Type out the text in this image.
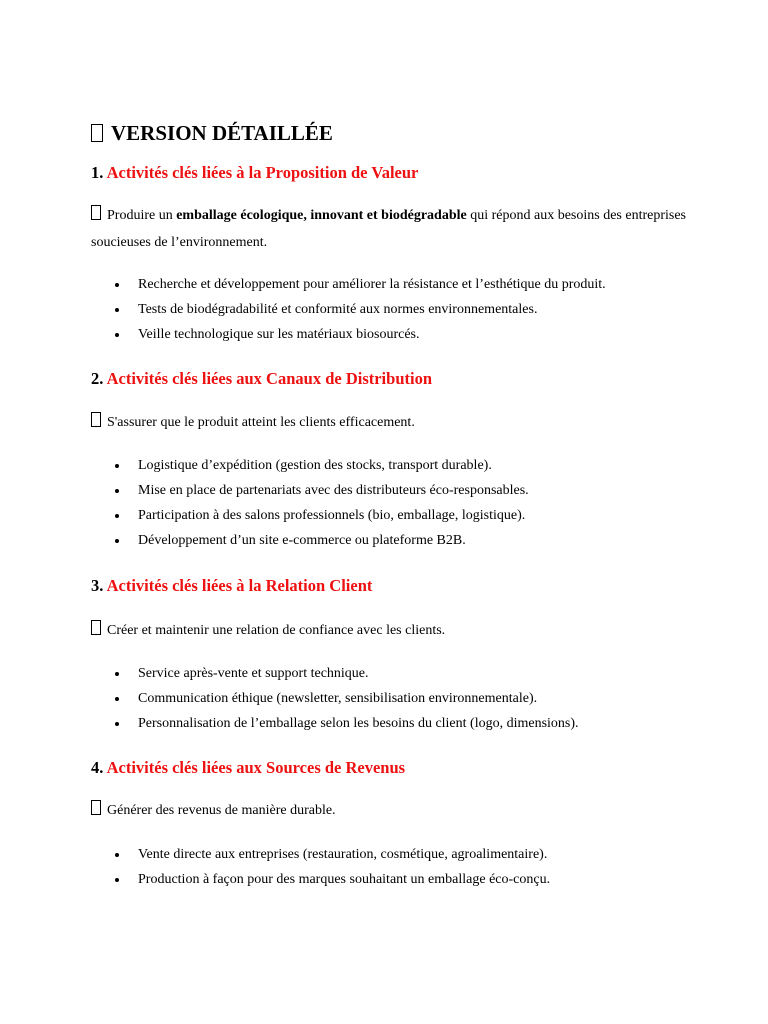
VERSION DÉTAILLÉE
1. Activités clés liées à la Proposition de Valeur
Produire un emballage écologique, innovant et biodégradable qui répond aux besoins des entreprises soucieuses de l’environnement.
Recherche et développement pour améliorer la résistance et l’esthétique du produit.
Tests de biodégradabilité et conformité aux normes environnementales.
Veille technologique sur les matériaux biosourcés.
2. Activités clés liées aux Canaux de Distribution
S'assurer que le produit atteint les clients efficacement.
Logistique d’expédition (gestion des stocks, transport durable).
Mise en place de partenariats avec des distributeurs éco-responsables.
Participation à des salons professionnels (bio, emballage, logistique).
Développement d’un site e-commerce ou plateforme B2B.
3. Activités clés liées à la Relation Client
Créer et maintenir une relation de confiance avec les clients.
Service après-vente et support technique.
Communication éthique (newsletter, sensibilisation environnementale).
Personnalisation de l’emballage selon les besoins du client (logo, dimensions).
4. Activités clés liées aux Sources de Revenus
Générer des revenus de manière durable.
Vente directe aux entreprises (restauration, cosmétique, agroalimentaire).
Production à façon pour des marques souhaitant un emballage éco-conçu.
